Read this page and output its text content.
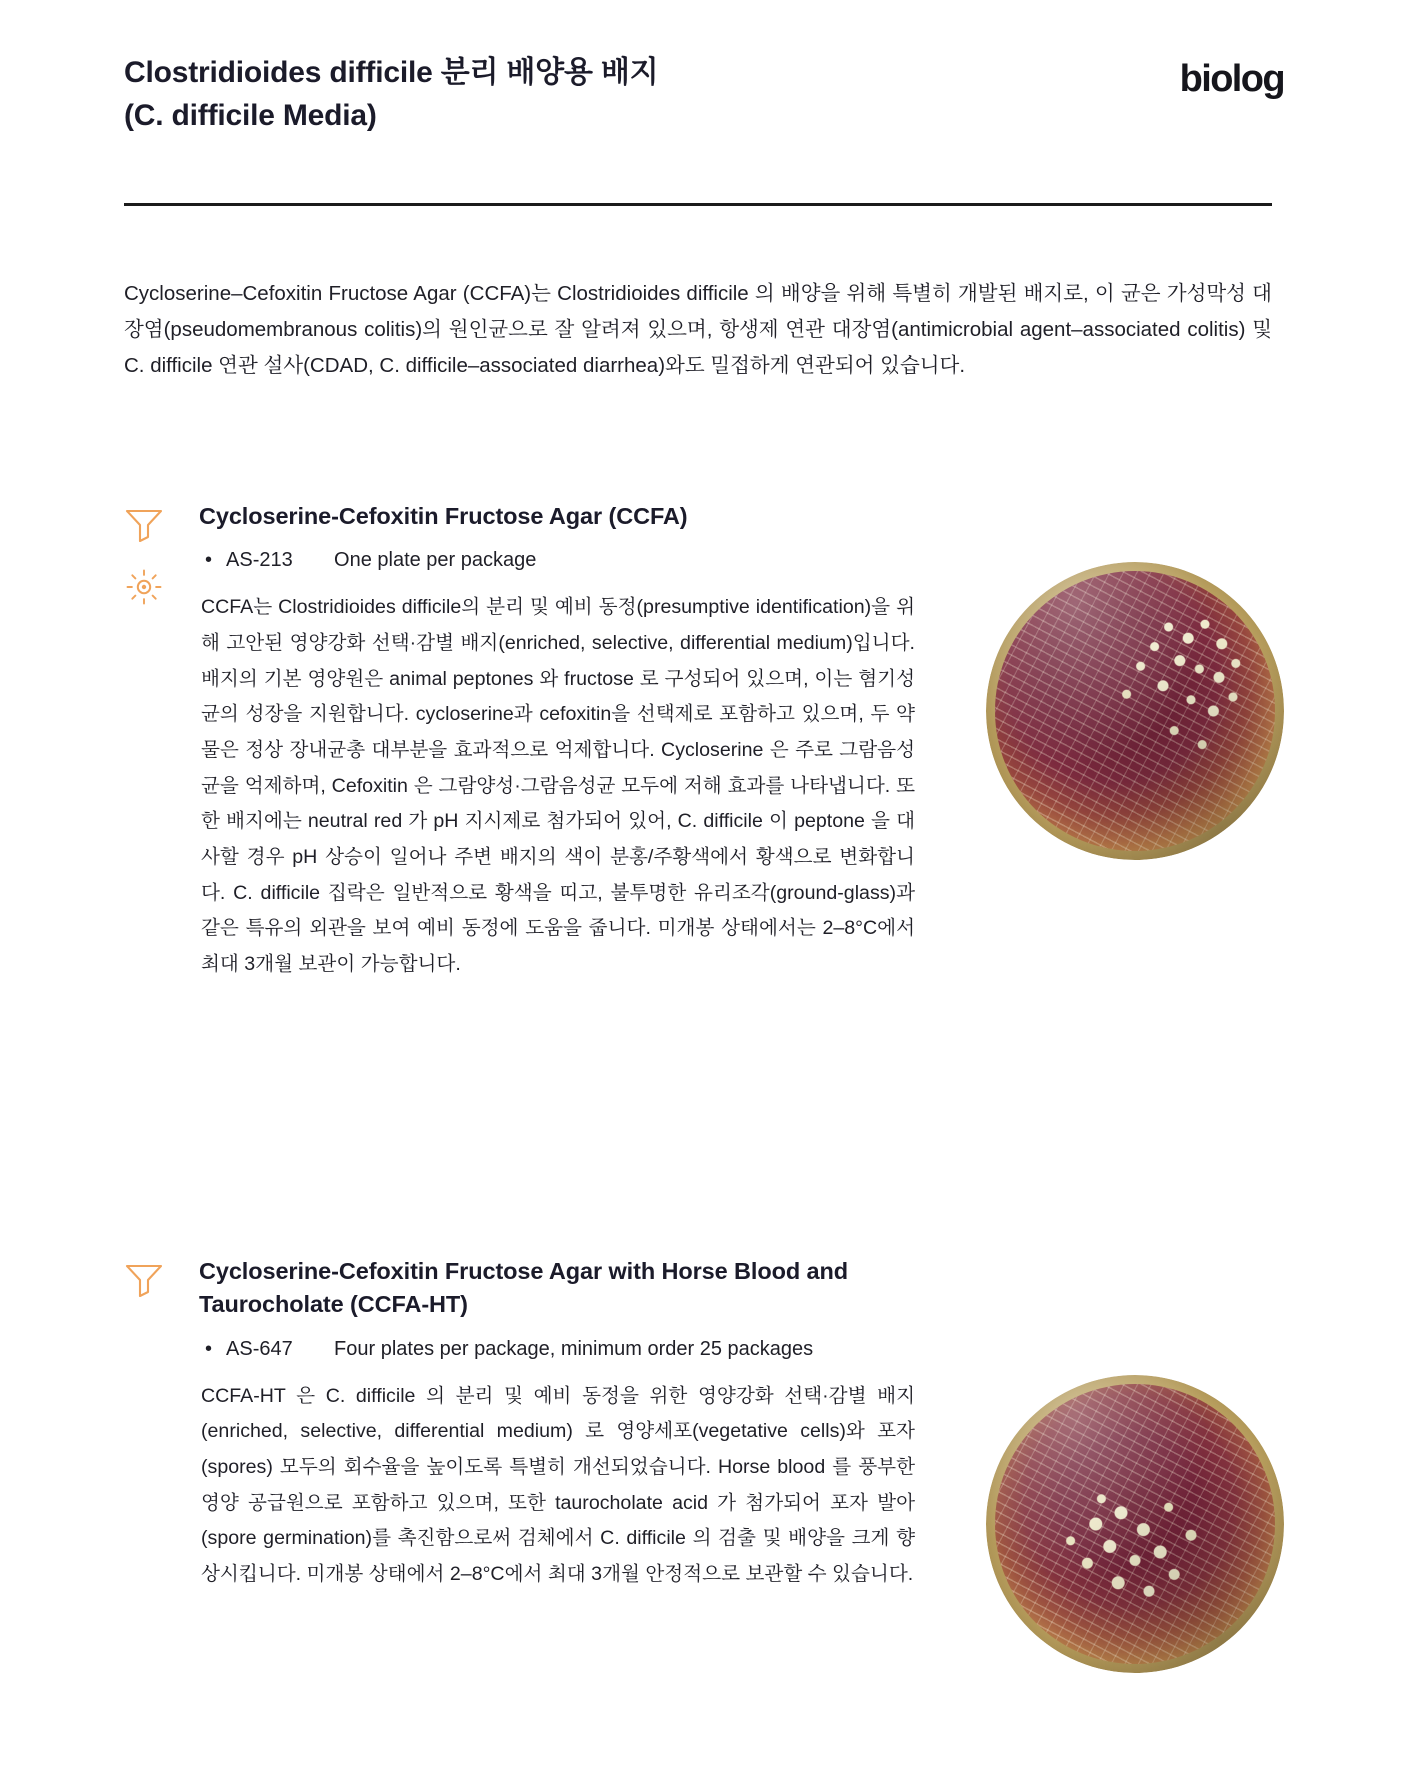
Clostridioides difficile 분리 배양용 배지
(C. difficile Media)
biolog

Cycloserine–Cefoxitin Fructose Agar (CCFA)는 Clostridioides difficile 의 배양을 위해 특별히 개발된 배지로, 이 균은 가성막성 대장염(pseudomembranous colitis)의 원인균으로 잘 알려져 있으며, 항생제 연관 대장염(antimicrobial agent–associated colitis) 및 C. difficile 연관 설사(CDAD, C. difficile–associated diarrhea)와도 밀접하게 연관되어 있습니다.

Cycloserine-Cefoxitin Fructose Agar (CCFA)
• AS-213	One plate per package

CCFA는 Clostridioides difficile의 분리 및 예비 동정(presumptive identification)을 위해 고안된 영양강화 선택·감별 배지(enriched, selective, differential medium)입니다. 배지의 기본 영양원은 animal peptones 와 fructose 로 구성되어 있으며, 이는 혐기성 균의 성장을 지원합니다. cycloserine과 cefoxitin을 선택제로 포함하고 있으며, 두 약물은 정상 장내균총 대부분을 효과적으로 억제합니다. Cycloserine 은 주로 그람음성균을 억제하며, Cefoxitin 은 그람양성·그람음성균 모두에 저해 효과를 나타냅니다. 또한 배지에는 neutral red 가 pH 지시제로 첨가되어 있어, C. difficile 이 peptone 을 대사할 경우 pH 상승이 일어나 주변 배지의 색이 분홍/주황색에서 황색으로 변화합니다. C. difficile 집락은 일반적으로 황색을 띠고, 불투명한 유리조각(ground-glass)과 같은 특유의 외관을 보여 예비 동정에 도움을 줍니다. 미개봉 상태에서는 2–8°C에서 최대 3개월 보관이 가능합니다.

Cycloserine-Cefoxitin Fructose Agar with Horse Blood and Taurocholate (CCFA-HT)
• AS-647	Four plates per package, minimum order 25 packages

CCFA-HT 은 C. difficile 의 분리 및 예비 동정을 위한 영양강화 선택·감별 배지(enriched, selective, differential medium) 로 영양세포(vegetative cells)와 포자(spores) 모두의 회수율을 높이도록 특별히 개선되었습니다. Horse blood 를 풍부한 영양 공급원으로 포함하고 있으며, 또한 taurocholate acid 가 첨가되어 포자 발아(spore germination)를 촉진함으로써 검체에서 C. difficile 의 검출 및 배양을 크게 향상시킵니다. 미개봉 상태에서 2–8°C에서 최대 3개월 안정적으로 보관할 수 있습니다.
